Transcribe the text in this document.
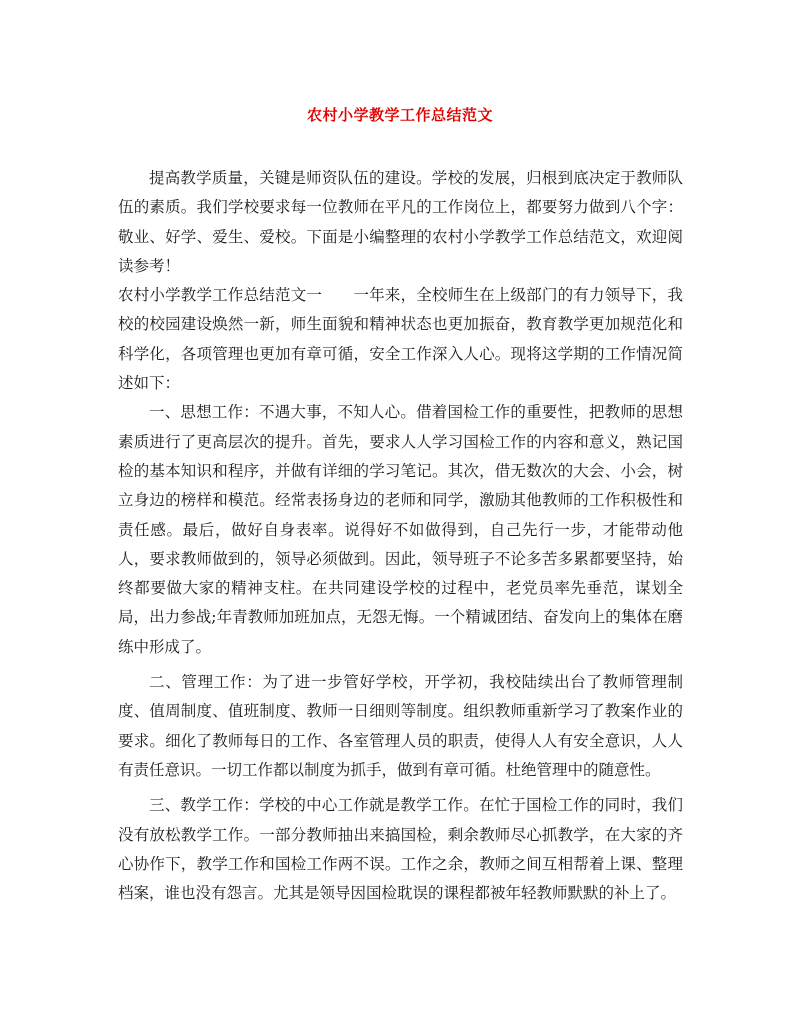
农村小学教学工作总结范文

提高教学质量，关键是师资队伍的建设。学校的发展，归根到底决定于教师队伍的素质。我们学校要求每一位教师在平凡的工作岗位上，都要努力做到八个字：敬业、好学、爱生、爱校。下面是小编整理的农村小学教学工作总结范文，欢迎阅读参考！

农村小学教学工作总结范文一　　一年来，全校师生在上级部门的有力领导下，我校的校园建设焕然一新，师生面貌和精神状态也更加振奋，教育教学更加规范化和科学化，各项管理也更加有章可循，安全工作深入人心。现将这学期的工作情况简述如下：

一、思想工作：不遇大事，不知人心。借着国检工作的重要性，把教师的思想素质进行了更高层次的提升。首先，要求人人学习国检工作的内容和意义，熟记国检的基本知识和程序，并做有详细的学习笔记。其次，借无数次的大会、小会，树立身边的榜样和模范。经常表扬身边的老师和同学，激励其他教师的工作积极性和责任感。最后，做好自身表率。说得好不如做得到，自己先行一步，才能带动他人，要求教师做到的，领导必须做到。因此，领导班子不论多苦多累都要坚持，始终都要做大家的精神支柱。在共同建设学校的过程中，老党员率先垂范，谋划全局，出力参战;年青教师加班加点，无怨无悔。一个精诚团结、奋发向上的集体在磨练中形成了。

二、管理工作：为了进一步管好学校，开学初，我校陆续出台了教师管理制度、值周制度、值班制度、教师一日细则等制度。组织教师重新学习了教案作业的要求。细化了教师每日的工作、各室管理人员的职责，使得人人有安全意识，人人有责任意识。一切工作都以制度为抓手，做到有章可循。杜绝管理中的随意性。

三、教学工作：学校的中心工作就是教学工作。在忙于国检工作的同时，我们没有放松教学工作。一部分教师抽出来搞国检，剩余教师尽心抓教学，在大家的齐心协作下，教学工作和国检工作两不误。工作之余，教师之间互相帮着上课、整理档案，谁也没有怨言。尤其是领导因国检耽误的课程都被年轻教师默默的补上了。
